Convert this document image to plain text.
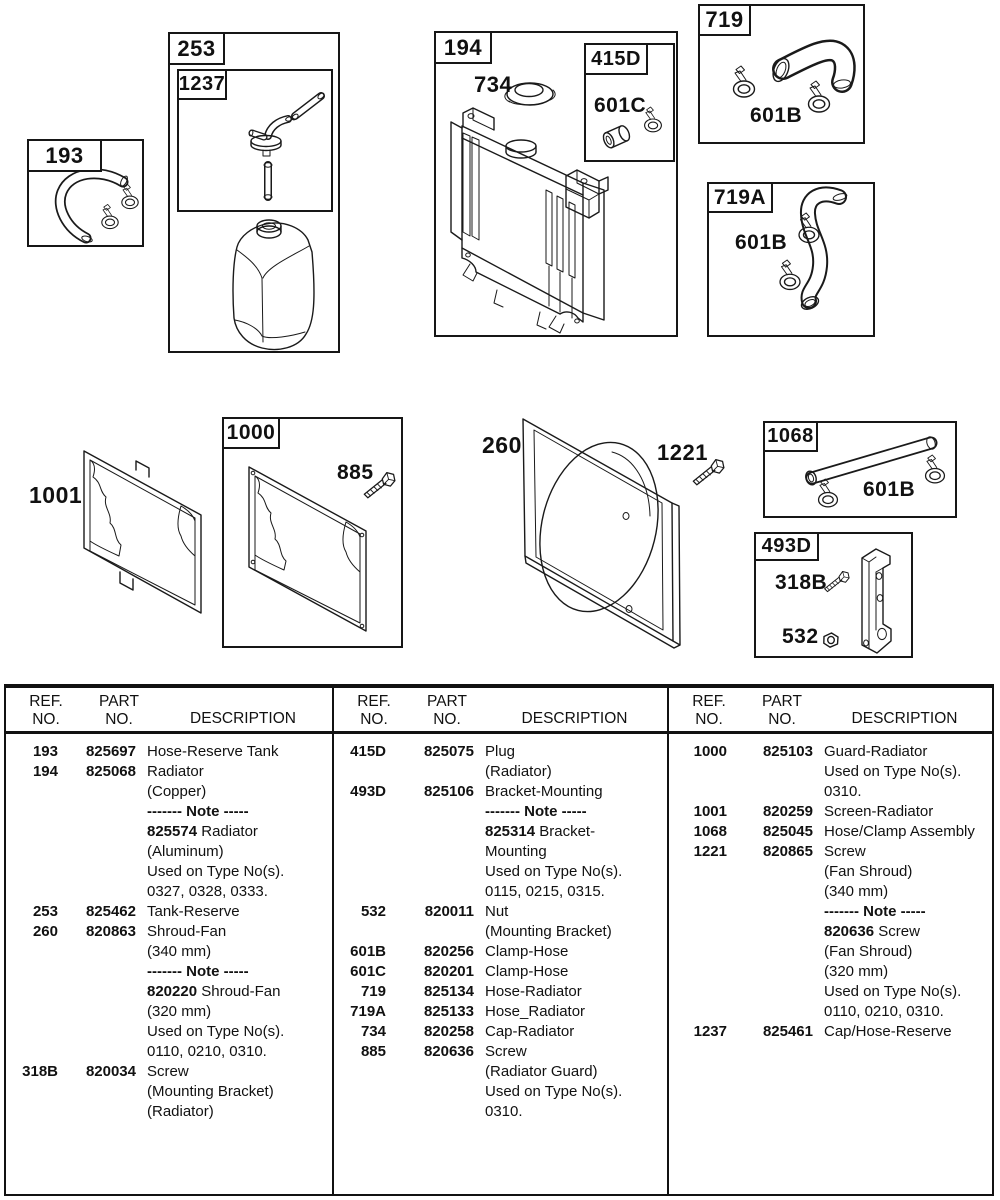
193
253
1237
194	415D
719
719A
1000	1068
493D
734
601C	601B
601B
1001
885
260	1221
601B
318B
532
REF.
NO.
PART
NO.	DESCRIPTION
193	825697 Hose-Reserve Tank
194	825068 Radiator
(Copper)
------- Note -----
825574 Radiator
(Aluminum)
Used on Type No(s).
0327, 0328, 0333.
253	825462 Tank-Reserve
260	820863 Shroud-Fan
(340 mm)
------- Note -----
820220 Shroud-Fan
(320 mm)
Used on Type No(s).
0110, 0210, 0310.
318B	820034 Screw
(Mounting Bracket)
(Radiator)
REF.
NO.
PART
NO.	DESCRIPTION
415D	825075 Plug
(Radiator)
493D	825106 Bracket-Mounting
------- Note -----
825314 Bracket-
Mounting
Used on Type No(s).
0115, 0215, 0315.
532	820011 Nut
(Mounting Bracket)
601B	820256 Clamp-Hose
601C	820201 Clamp-Hose
719	825134 Hose-Radiator
719A	825133 Hose_Radiator
734	820258 Cap-Radiator
885	820636 Screw
(Radiator Guard)
Used on Type No(s).
0310.
REF.
NO.
PART
NO.	DESCRIPTION
1000	825103 Guard-Radiator
Used on Type No(s).
0310.
1001	820259 Screen-Radiator
1068	825045 Hose/Clamp Assembly
1221	820865 Screw
(Fan Shroud)
(340 mm)
------- Note -----
820636 Screw
(Fan Shroud)
(320 mm)
Used on Type No(s).
0110, 0210, 0310.
1237	825461 Cap/Hose-Reserve
